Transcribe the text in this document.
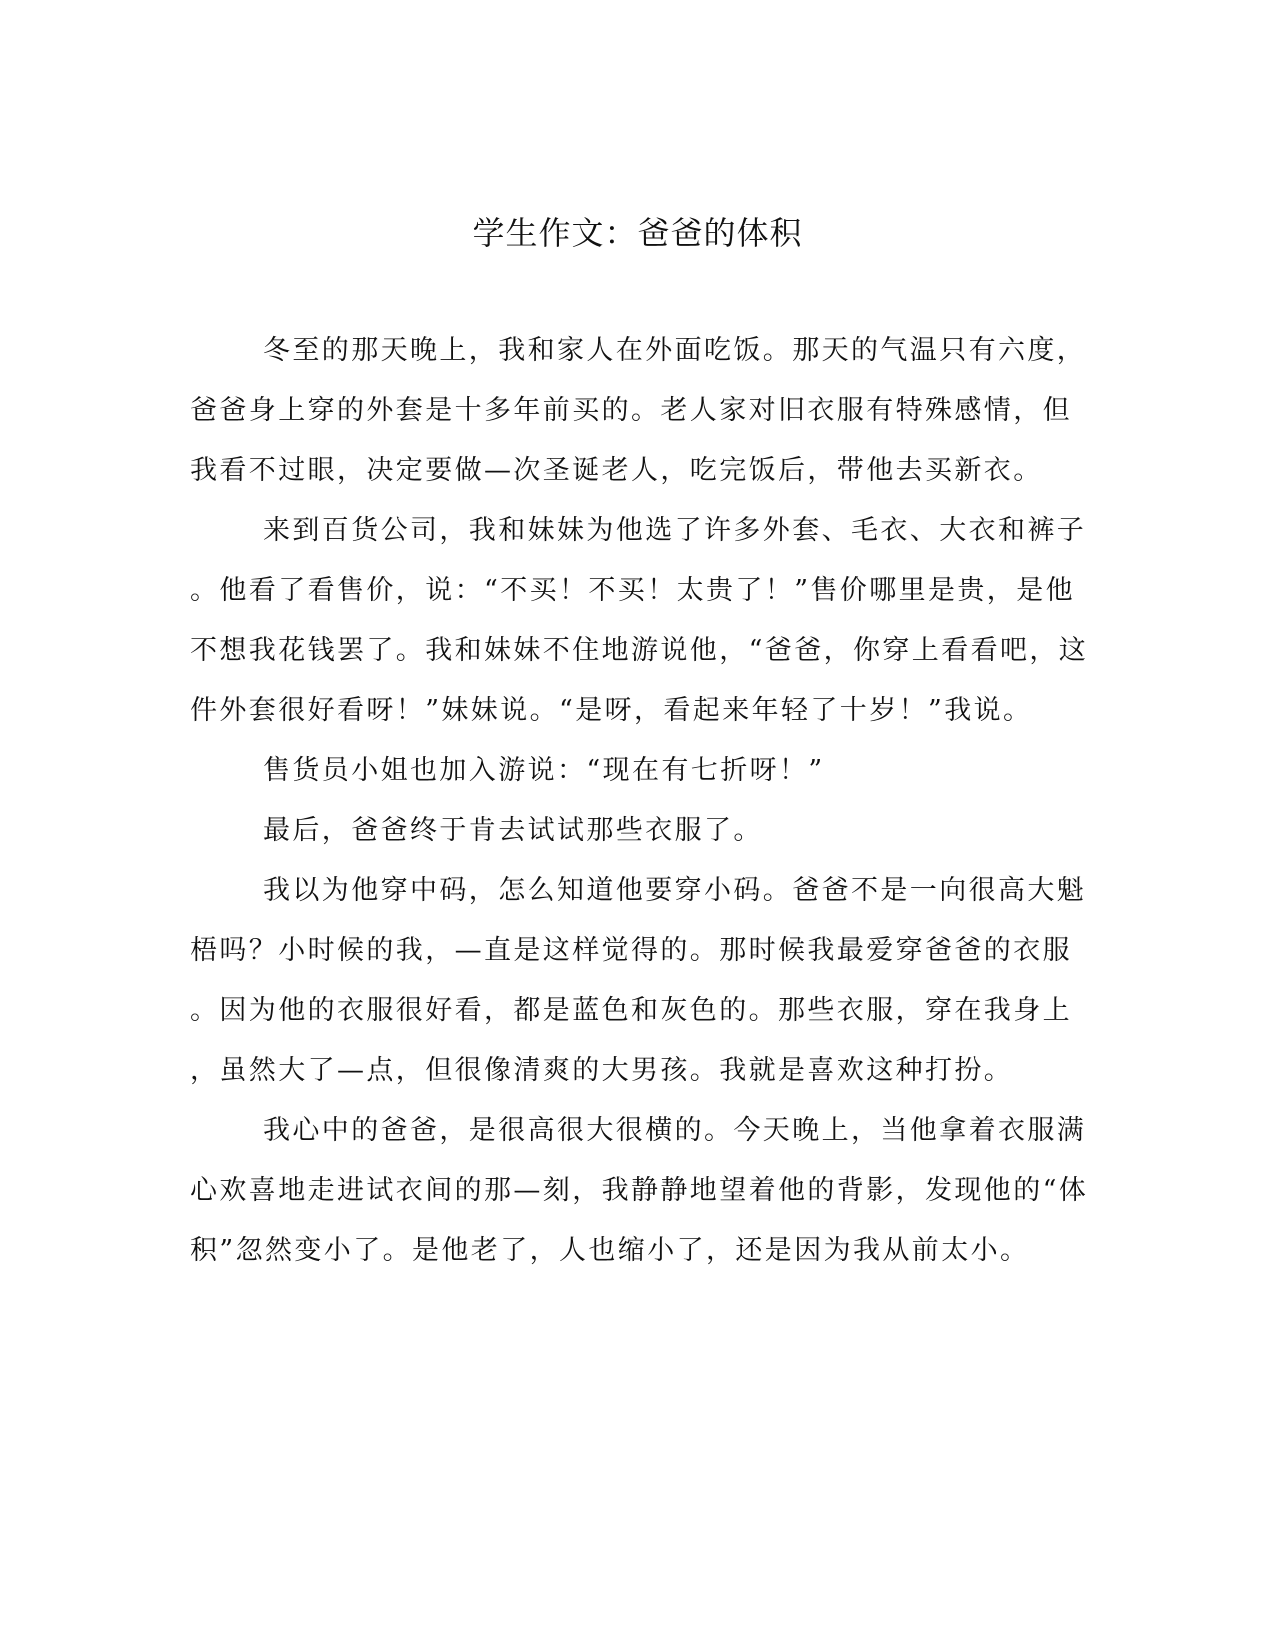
学生作文：爸爸的体积
冬至的那天晚上，我和家人在外面吃饭。那天的气温只有六度，
爸爸身上穿的外套是十多年前买的。老人家对旧衣服有特殊感情，但
我看不过眼，决定要做—次圣诞老人，吃完饭后，带他去买新衣。
来到百货公司，我和妹妹为他选了许多外套、毛衣、大衣和裤子
。他看了看售价，说：“不买！不买！太贵了！”售价哪里是贵，是他
不想我花钱罢了。我和妹妹不住地游说他，“爸爸，你穿上看看吧，这
件外套很好看呀！”妹妹说。“是呀，看起来年轻了十岁！”我说。
售货员小姐也加入游说：“现在有七折呀！”
最后，爸爸终于肯去试试那些衣服了。
我以为他穿中码，怎么知道他要穿小码。爸爸不是一向很高大魁
梧吗？小时候的我，—直是这样觉得的。那时候我最爱穿爸爸的衣服
。因为他的衣服很好看，都是蓝色和灰色的。那些衣服，穿在我身上
，虽然大了—点，但很像清爽的大男孩。我就是喜欢这种打扮。
我心中的爸爸，是很高很大很横的。今天晚上，当他拿着衣服满
心欢喜地走进试衣间的那—刻，我静静地望着他的背影，发现他的“体
积”忽然变小了。是他老了，人也缩小了，还是因为我从前太小。
